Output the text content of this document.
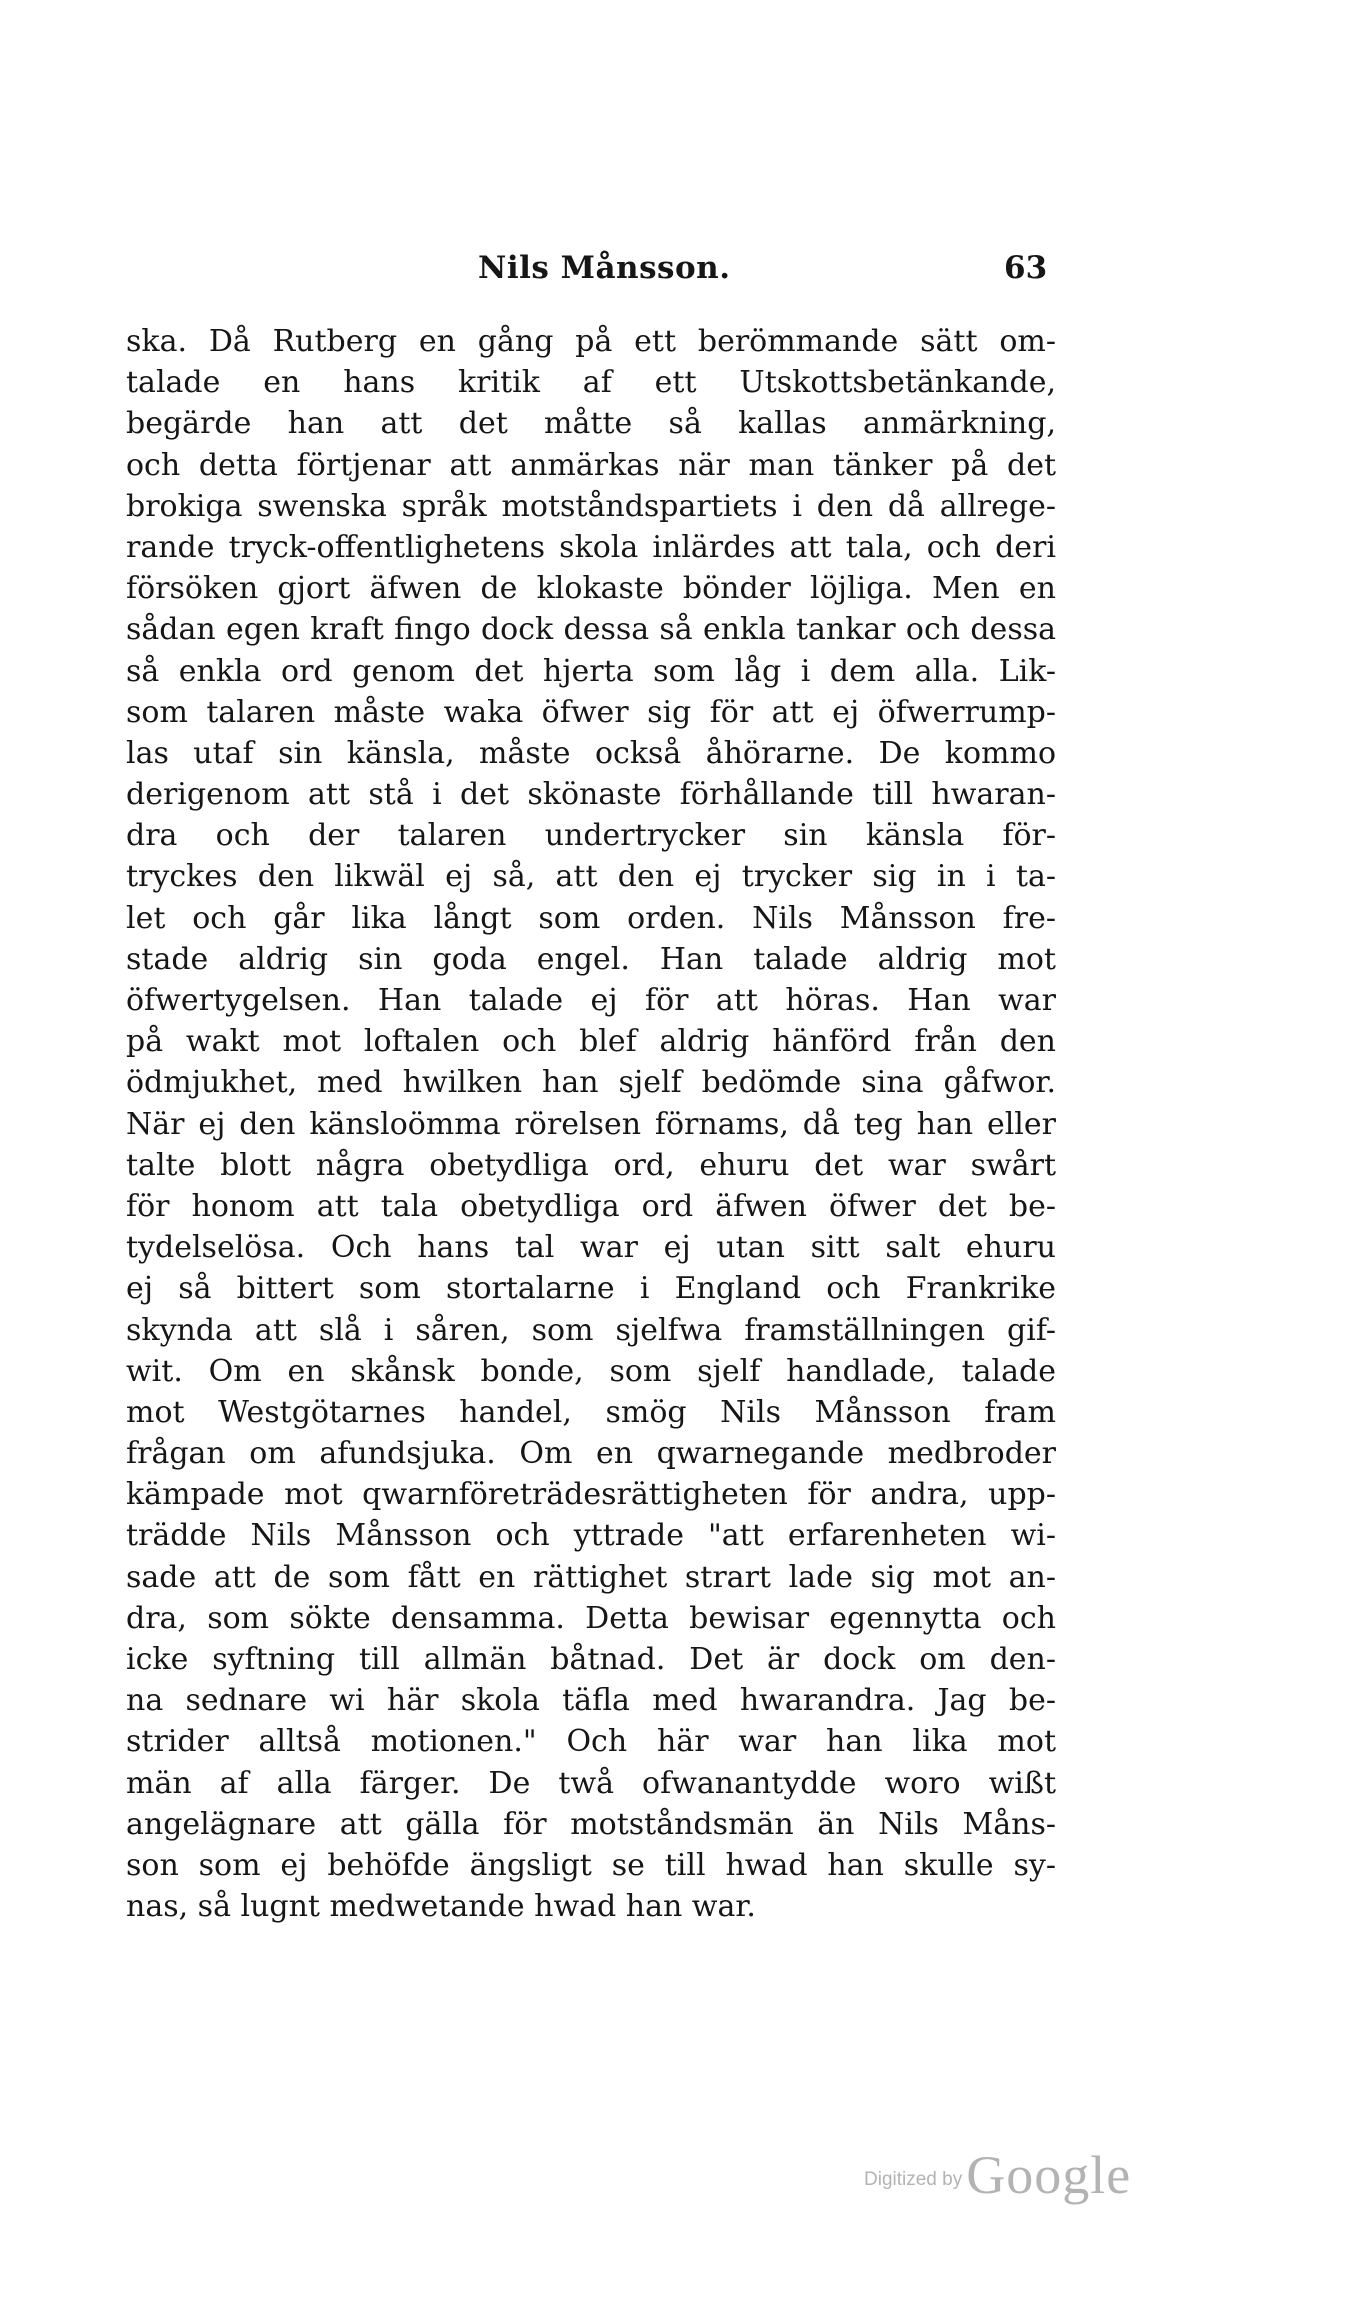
Nils Månsson.	63
ska. Då Rutberg en gång på ett berömmande sätt om-
talade en hans kritik af ett Utskottsbetänkande,
begärde han att det måtte så kallas anmärkning,
och detta förtjenar att anmärkas när man tänker på det
brokiga swenska språk motståndspartiets i den då allrege-
rande tryck-offentlighetens skola inlärdes att tala, och deri
försöken gjort äfwen de klokaste bönder löjliga. Men en
sådan egen kraft fingo dock dessa så enkla tankar och dessa
så enkla ord genom det hjerta som låg i dem alla. Lik-
som talaren måste waka öfwer sig för att ej öfwerrump-
las utaf sin känsla, måste också åhörarne. De kommo
derigenom att stå i det skönaste förhållande till hwaran-
dra och der talaren undertrycker sin känsla för-
tryckes den likwäl ej så, att den ej trycker sig in i ta-
let och går lika långt som orden. Nils Månsson fre-
stade aldrig sin goda engel. Han talade aldrig mot
öfwertygelsen. Han talade ej för att höras. Han war
på wakt mot loftalen och blef aldrig hänförd från den
ödmjukhet, med hwilken han sjelf bedömde sina gåfwor.
När ej den känsloömma rörelsen förnams, då teg han eller
talte blott några obetydliga ord, ehuru det war swårt
för honom att tala obetydliga ord äfwen öfwer det be-
tydelselösa. Och hans tal war ej utan sitt salt ehuru
ej så bittert som stortalarne i England och Frankrike
skynda att slå i såren, som sjelfwa framställningen gif-
wit. Om en skånsk bonde, som sjelf handlade, talade
mot Westgötarnes handel, smög Nils Månsson fram
frågan om afundsjuka. Om en qwarnegande medbroder
kämpade mot qwarnföreträdesrättigheten för andra, upp-
trädde Nils Månsson och yttrade "att erfarenheten wi-
sade att de som fått en rättighet strart lade sig mot an-
dra, som sökte densamma. Detta bewisar egennytta och
icke syftning till allmän båtnad. Det är dock om den-
na sednare wi här skola täfla med hwarandra. Jag be-
strider alltså motionen." Och här war han lika mot
män af alla färger. De twå ofwanantydde woro wißt
angelägnare att gälla för motståndsmän än Nils Måns-
son som ej behöfde ängsligt se till hwad han skulle sy-
nas, så lugnt medwetande hwad han war.
Digitized byGoogle
